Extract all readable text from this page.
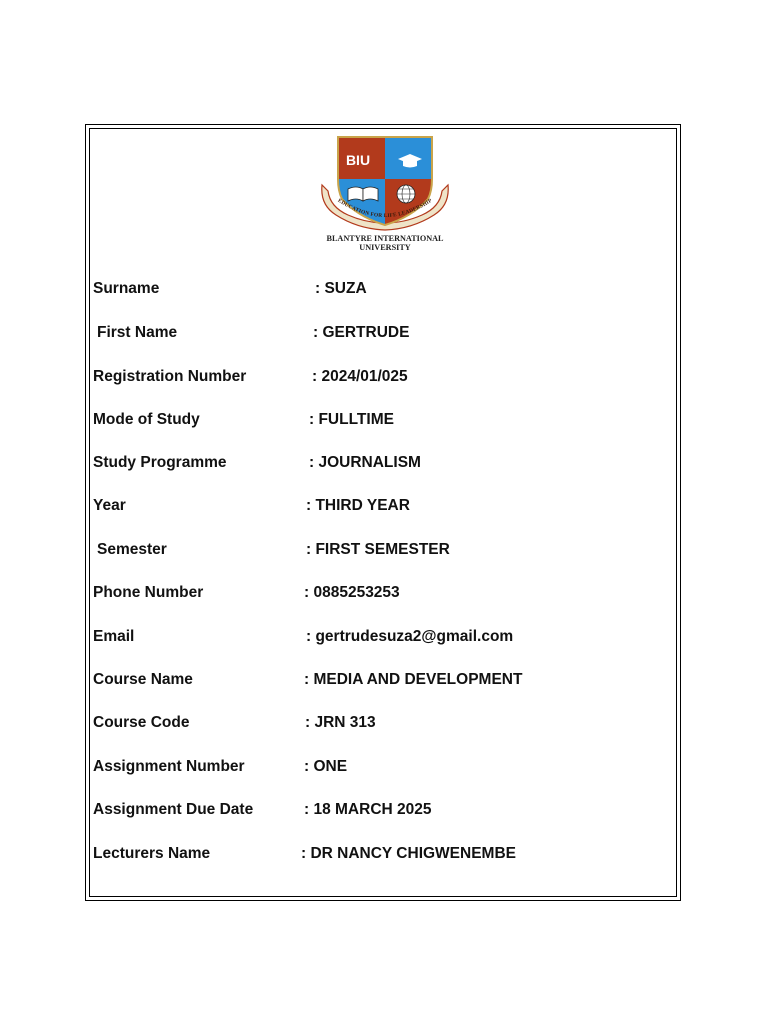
BIU
EDUCATION FOR LIFE LEADERSHIP
BLANTYRE INTERNATIONAL
UNIVERSITY
Surname	: SUZA
First Name	: GERTRUDE
Registration Number	: 2024/01/025
Mode of Study	: FULLTIME
Study Programme	: JOURNALISM
Year	: THIRD YEAR
Semester	: FIRST SEMESTER
Phone Number	: 0885253253
Email	: gertrudesuza2@gmail.com
Course Name	: MEDIA AND DEVELOPMENT
Course Code	: JRN 313
Assignment Number	: ONE
Assignment Due Date	: 18 MARCH 2025
Lecturers Name	: DR NANCY CHIGWENEMBE
